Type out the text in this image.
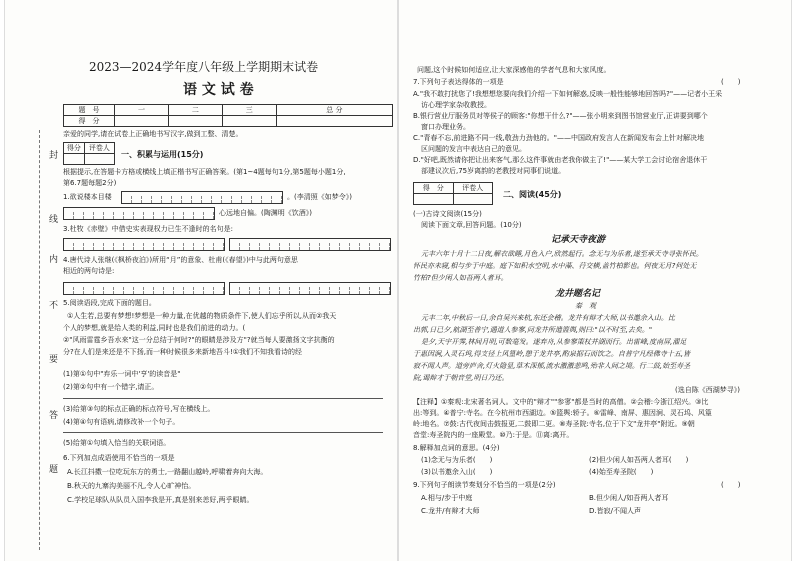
封
线
内
不
要
答
题
2023—2024学年度八年级上学期期末试卷
语 文 试 卷
题　号	一	二	三	总 分
得　分				
亲爱的同学,请在试卷上正确地书写汉字,做到工整、清楚。
得分	评卷人

一、积累与运用(15分)
根据提示,在答题卡方格或横线上填正楷书写正确答案。(第1~4题每句1分,第5题每小题1分,
第6.7题每题2分)
1.欲说楼本目楼	。(李清照《如梦令》)
心远地自偏。(陶渊明《饮酒》)
3.杜牧《赤壁》中借史实表现权力已生不逢时的名句是:
4.唐代诗人张继(《枫桥夜泊》)所用“月”的意象、杜甫(《春望》)中与此两句意思
相近的两句诗是:
5.阅读语段,完成下面的题目。
①人生若,总要有梦想!梦想是一种力量,在优越的物质条件下,使人们忘乎所以,从而②我天
个人的梦想,就是给人类的利益,同时也是我们前进的动力。(
②"风雨雷霆乡吾水来"这一分总结于何时?"的眼睛是涉及方"?就当每人要激扬文字抗衡的
分?在人们是来还是不下扬,而一种时候很多来新地吾斗!①我们不知我看诗的经
(1)第①句中"弃乐一词中'亨'的读音是"
(2)第②句中有一个错字,请正。
(3)给第③句的标点正确的标点符号,写在横线上。
(4)第④句有语病,请修改补一个句子。
(5)给第①句填入恰当的关联词语。
6.下列加点成语使用不恰当的一项是
A.长江抖擞一位吃玩东方的勇士,一路翻山越岭,呼啸着奔向大海。
B.秋天的九寨沟美丽不凡,令人心旷神怡。
C.学校足球队从队员入国李我是开,真是别来恙好,两乎眼睛。
问题,这个时候如何适应,让大家深感他的学者气息和大家风度。
7.下列句子表达得体的一项是	(　　)
A."我不敢打扰您了!我想想您要向我们介绍一下如何解惑,反映一般性能够地回答吗?"——记者小王采
访心理学家杂收教授。
B.银行营业厅服务员对等侯子的顾客:"你想干什么?"——张小明来到图书馆营业厅,正讲要到哪个
窗口办理业务。
C."青春不忘,前进路不同一线,敬劲力劲他的。"——中国政府发言人在新闻发布会上针对解决地
区问题的发言中表达自己的意见。
D."好吧,既然请你把让出来客气,那么这件事就由老我你做主了!"——某大学工会讨论宿舍退休干
部建议次后,75岁离韵的老教授对同事们说道。
得　分	评卷人

二、阅读(45分)
(一)古诗文阅读(15分)
阅读下面文章,回答问题。(10分)
记承天寺夜游
元丰六年十月十二日夜,解衣欲睡,月色入户,欣然起行。念无与为乐者,遂至承天寺寻张怀民。
怀民亦未寝,相与步于中庭。庭下如积水空明,水中藻、荇交横,盖竹柏影也。何夜无月?何处无
竹柏?但少闲人如吾两人者耳。
龙井题名记
秦　观
元丰二年,中秋后一日,余自吴兴来杭,东还会稽。龙井有辩才大师,以书邀余入山。比
出郭,日已夕,航湖至普宁,遇道人参寥,问龙井所遣篮舆,则曰:"以不时至,去矣。"
是夕,天宇开霁,林间月明,可数毫发。遂弃舟,从参寥策杖并湖而行。出雷峰,度南屏,濯足
于惠因涧,入灵石坞,得支径上风篁岭,憩于龙井亭,酌泉据石而饮之。自普宁凡经佛寺十五,皆
寂不闻人声。道旁庐舍,灯火隐显,草木深郁,流水激激悲鸣,殆非人间之境。行二鼓,始至寿圣
院,谒辩才于朝音堂,明日乃还。
(选自陈《西湖梦寻》)
【注释】①秦观:北宋著名词人。文中的"辩才""参寥"都是当时的高僧。②会稽:今浙江绍兴。③比
出:等到。④普宁:寺名。在今杭州市西湖边。⑤篮舆:轿子。⑥雷峰、南屏、惠因涧、灵石坞、风篁
岭:地名。⑦鼓:古代夜间击鼓报更,二鼓即二更。⑧寿圣院:寺名,位于下文"龙井亭"附近。⑨朝
音堂:寿圣院内的一座殿堂。⑩乃:于是。⑪离:离开。
8.解释加点词的意思。(4分)
(1)念无与为乐者(　　)	(2)但少闲人如吾两人者耳(　　)
(3)以书邀余入山(　　)	(4)始至寿圣院(　　)
9.下列句子朗读节奏划分不恰当的一项是(2分)	(　　)
A.相与/步于中庭	B.但少闲人/如吾两人者耳
C.龙井/有辩才大师	D.皆寂/不闻人声
